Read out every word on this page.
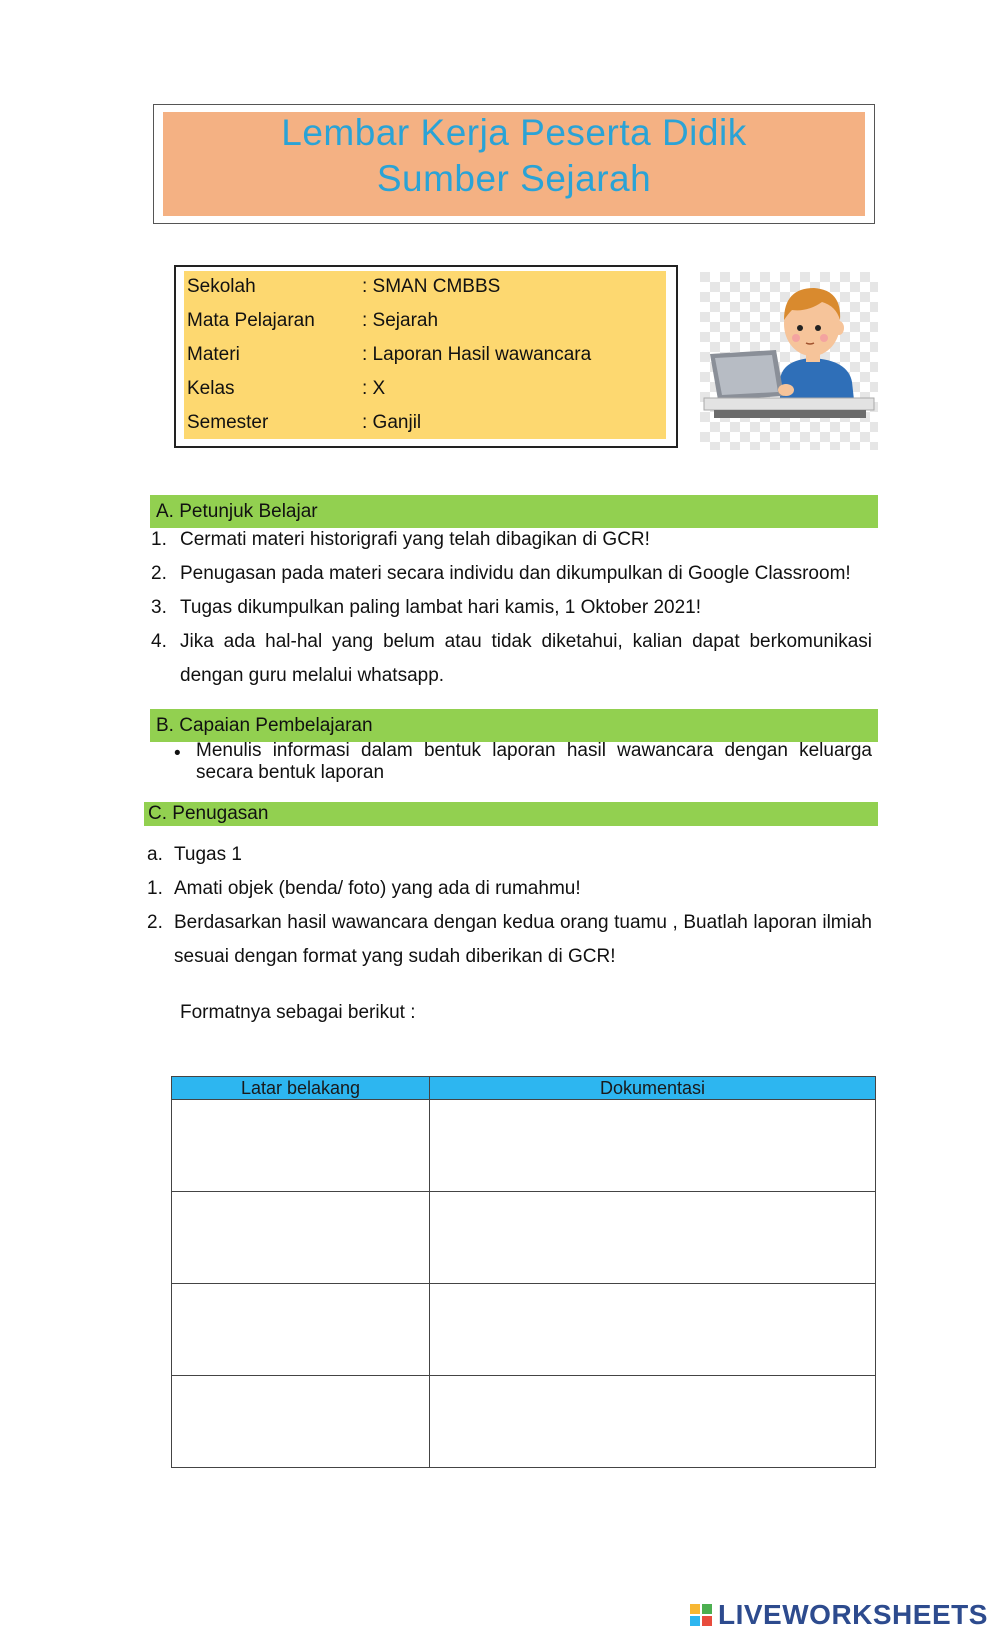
Lembar Kerja Peserta Didik
Sumber Sejarah
Sekolah	: SMAN CMBBS
Mata Pelajaran	: Sejarah
Materi	: Laporan Hasil wawancara
Kelas	: X
Semester	: Ganjil
A. Petunjuk Belajar
1. Cermati materi historigrafi yang telah dibagikan di GCR!
2. Penugasan pada materi secara individu dan dikumpulkan di Google Classroom!
3. Tugas dikumpulkan paling lambat hari kamis, 1 Oktober 2021!
4. Jika ada hal-hal yang belum atau tidak diketahui, kalian dapat berkomunikasi
dengan guru melalui whatsapp.
B. Capaian Pembelajaran
• Menulis informasi dalam bentuk laporan hasil wawancara dengan keluarga
secara bentuk laporan
C. Penugasan
a. Tugas 1
1. Amati objek (benda/ foto) yang ada di rumahmu!
2. Berdasarkan hasil wawancara dengan kedua orang tuamu , Buatlah laporan ilmiah
sesuai dengan format yang sudah diberikan di GCR!
Formatnya sebagai berikut :
Latar belakang	Dokumentasi

LIVEWORKSHEETS
